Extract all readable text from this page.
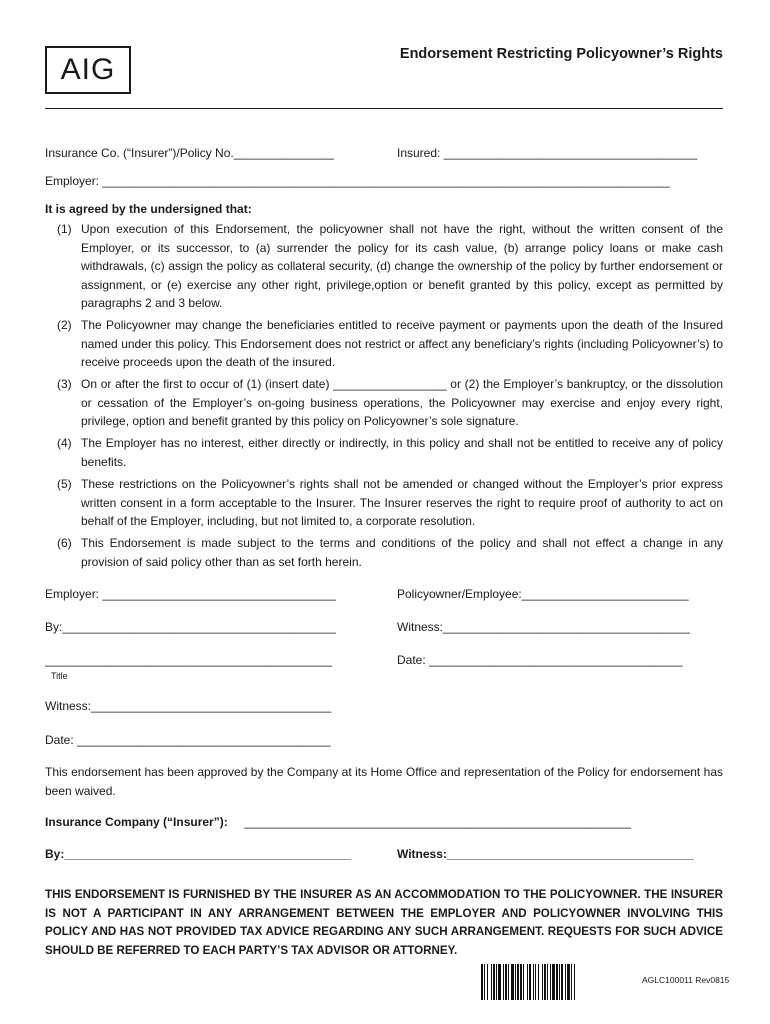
AIG	Endorsement Restricting Policyowner’s Rights
Insurance Co. (“Insurer”)/Policy No._______________	Insured: ______________________________________
Employer: _____________________________________________________________________________________
It is agreed by the undersigned that:
(1) Upon execution of this Endorsement, the policyowner shall not have the right, without the written consent of the Employer, or its successor, to (a) surrender the policy for its cash value, (b) arrange policy loans or make cash withdrawals, (c) assign the policy as collateral security, (d) change the ownership of the policy by further endorsement or assignment, or (e) exercise any other right, privilege,option or benefit granted by this policy, except as permitted by paragraphs 2 and 3 below.
(2) The Policyowner may change the beneficiaries entitled to receive payment or payments upon the death of the Insured named under this policy. This Endorsement does not restrict or affect any beneficiary’s rights (including Policyowner’s) to receive proceeds upon the death of the insured.
(3) On or after the first to occur of (1) (insert date) _________________ or (2) the Employer’s bankruptcy, or the dissolution or cessation of the Employer’s on-going business operations, the Policyowner may exercise and enjoy every right, privilege, option and benefit granted by this policy on Policyowner’s sole signature.
(4) The Employer has no interest, either directly or indirectly, in this policy and shall not be entitled to receive any of policy benefits.
(5) These restrictions on the Policyowner’s rights shall not be amended or changed without the Employer’s prior express written consent in a form acceptable to the Insurer. The Insurer reserves the right to require proof of authority to act on behalf of the Employer, including, but not limited to, a corporate resolution.
(6) This Endorsement is made subject to the terms and conditions of the policy and shall not effect a change in any provision of said policy other than as set forth herein.
Employer: ___________________________________	Policyowner/Employee:_________________________
By:_________________________________________	Witness:_____________________________________
___________________________________________	Date: ______________________________________
Title
Witness:____________________________________
Date: ______________________________________
This endorsement has been approved by the Company at its Home Office and representation of the Policy for endorsement has been waived.
Insurance Company (“Insurer”): __________________________________________________________
By:___________________________________________	Witness:_____________________________________
THIS ENDORSEMENT IS FURNISHED BY THE INSURER AS AN ACCOMMODATION TO THE POLICYOWNER. THE INSURER IS NOT A PARTICIPANT IN ANY ARRANGEMENT BETWEEN THE EMPLOYER AND POLICYOWNER INVOLVING THIS POLICY AND HAS NOT PROVIDED TAX ADVICE REGARDING ANY SUCH ARRANGEMENT. REQUESTS FOR SUCH ADVICE SHOULD BE REFERRED TO EACH PARTY’S TAX ADVISOR OR ATTORNEY.
AGLC100011 Rev0815
